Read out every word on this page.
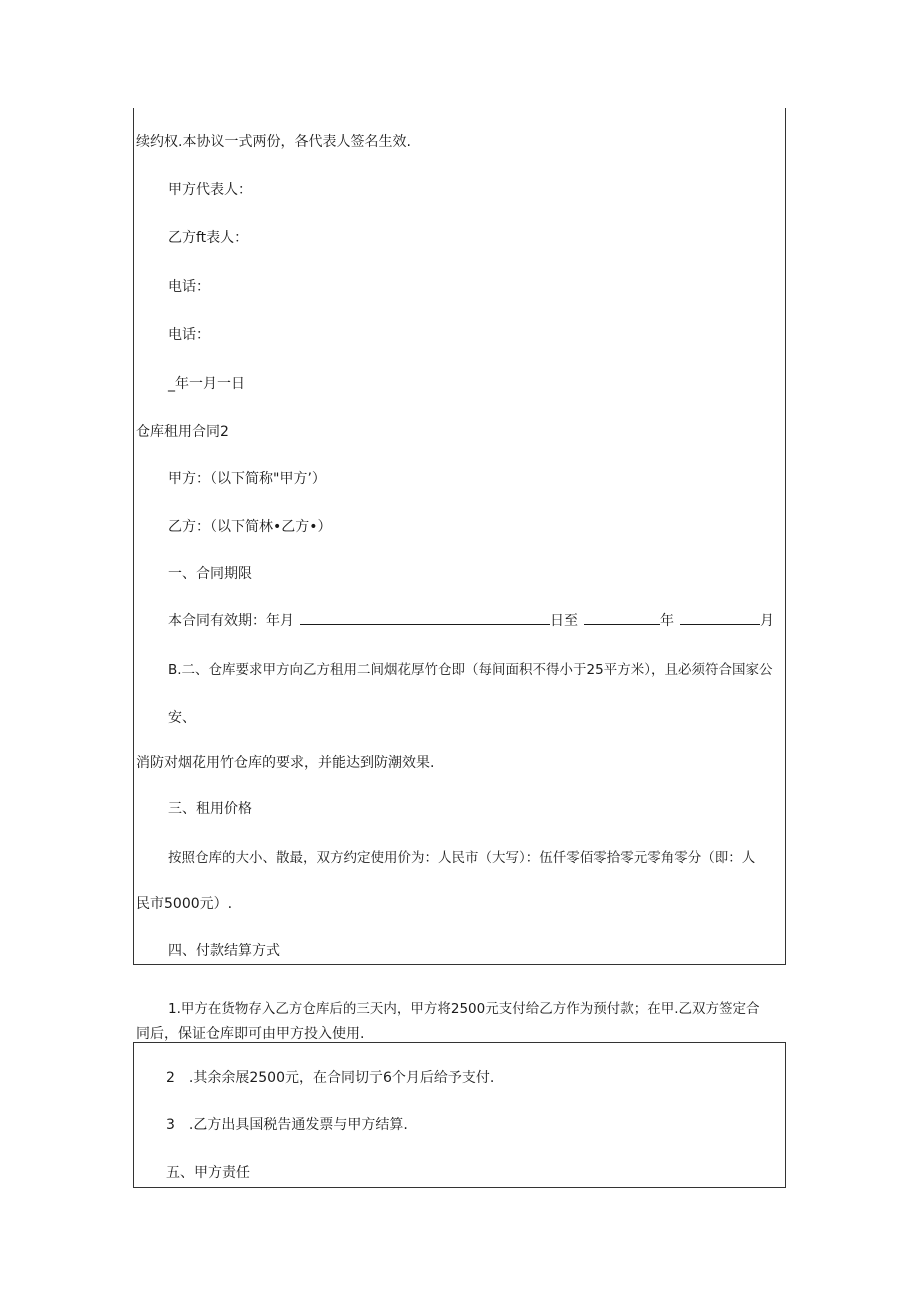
续约权.本协议一式两份，各代表人签名生效.
甲方代表人：
乙方ft表人：
电话：
电话：
_年一月一日
仓库租用合同2
甲方：（以下简称"甲方’）
乙方：（以下简林•乙方•）
一、合同期限
本合同有效期：年月	日至	年	月
B.二、仓库要求甲方向乙方租用二间烟花厚竹仓即（每间面积不得小于25平方米），且必须符合国家公
安、
消防对烟花用竹仓库的要求，并能达到防潮效果.
三、租用价格
按照仓库的大小、散最，双方约定使用价为：人民市（大写）：伍仟零佰零拾零元零角零分（即：人
民市5000元）.
四、付款结算方式
1.甲方在货物存入乙方仓库后的三天内，甲方将2500元支付给乙方作为预付款；在甲.乙双方签定合
同后，保证仓库即可由甲方投入使用.
2　.其余余展2500元，在合同切亍6个月后给予支付.
3　.乙方出具国税告通发票与甲方结算.
五、甲方责任
